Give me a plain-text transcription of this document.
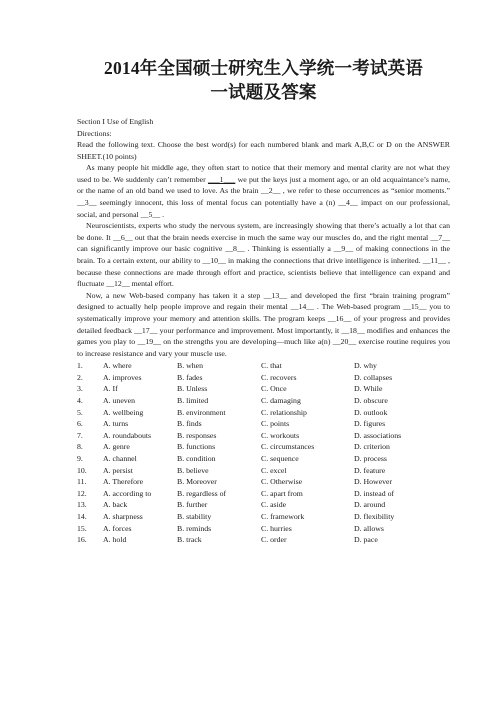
2014年全国硕士研究生入学统一考试英语
一试题及答案
Section I Use of English
Directions:

Read the following text. Choose the best word(s) for each numbered blank and mark A,B,C or D on the ANSWER SHEET.(10 points)

As many people hit middle age, they often start to notice that their memory and mental clarity are not what they used to be. We suddenly can’t remember ___1___ we put the keys just a moment ago, or an old acquaintance’s name, or the name of an old band we used to love. As the brain __2__ , we refer to these occurrences as “senior moments.” __3__ seemingly innocent, this loss of mental focus can potentially have a (n) __4__ impact on our professional, social, and personal __5__ .

Neuroscientists, experts who study the nervous system, are increasingly showing that there’s actually a lot that can be done. It __6__ out that the brain needs exercise in much the same way our muscles do, and the right mental __7__ can significantly improve our basic cognitive __8__ . Thinking is essentially a __9__ of making connections in the brain. To a certain extent, our ability to __10__ in making the connections that drive intelligence is inherited. __11__ , because these connections are made through effort and practice, scientists believe that intelligence can expand and fluctuate __12__ mental effort.

Now, a new Web-based company has taken it a step __13__ and developed the first “brain training program” designed to actually help people improve and regain their mental __14__ . The Web-based program __15__ you to systematically improve your memory and attention skills. The program keeps __16__ of your progress and provides detailed feedback __17__ your performance and improvement. Most importantly, it __18__ modifies and enhances the games you play to __19__ on the strengths you are developing—much like a(n) __20__ exercise routine requires you to increase resistance and vary your muscle use.

1.	A. where	B. when	C. that	D. why
2.	A. improves	B. fades	C. recovers	D. collapses
3.	A. If	B. Unless	C. Once	D. While
4.	A. uneven	B. limited	C. damaging	D. obscure
5.	A. wellbeing	B. environment	C. relationship	D. outlook
6.	A. turns	B. finds	C. points	D. figures
7.	A. roundabouts	B. responses	C. workouts	D. associations
8.	A. genre	B. functions	C. circumstances	D. criterion
9.	A. channel	B. condition	C. sequence	D. process
10.	A. persist	B. believe	C. excel	D. feature
11.	A. Therefore	B. Moreover	C. Otherwise	D. However
12.	A. according to	B. regardless of	C. apart from	D. instead of
13.	A. back	B. further	C. aside	D. around
14.	A. sharpness	B. stability	C. framework	D. flexibility
15.	A. forces	B. reminds	C. hurries	D. allows
16.	A. hold	B. track	C. order	D. pace
